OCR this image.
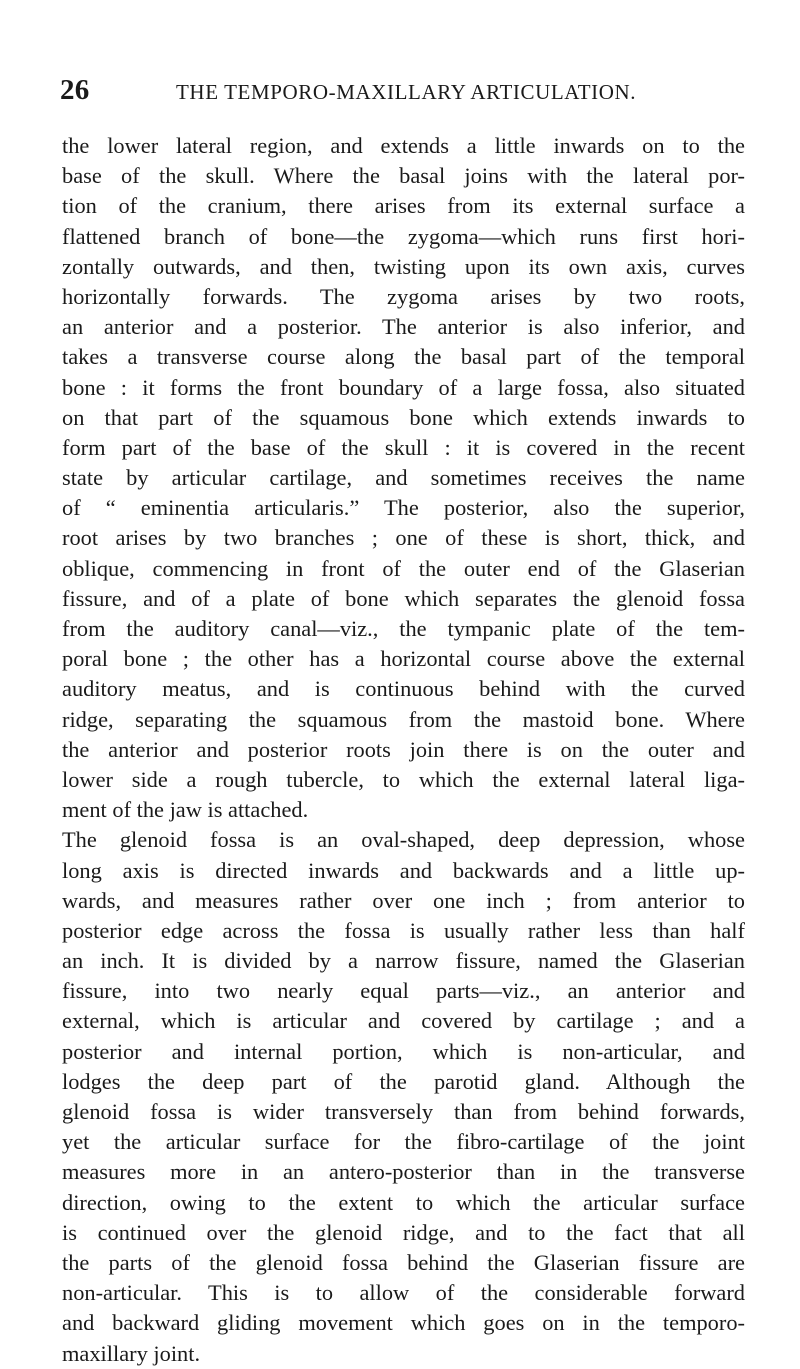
26	THE TEMPORO-MAXILLARY ARTICULATION.
the lower lateral region, and extends a little inwards on to the
base of the skull. Where the basal joins with the lateral por-
tion of the cranium, there arises from its external surface a
flattened branch of bone—the zygoma—which runs first hori-
zontally outwards, and then, twisting upon its own axis, curves
horizontally forwards. The zygoma arises by two roots,
an anterior and a posterior. The anterior is also inferior, and
takes a transverse course along the basal part of the temporal
bone : it forms the front boundary of a large fossa, also situated
on that part of the squamous bone which extends inwards to
form part of the base of the skull : it is covered in the recent
state by articular cartilage, and sometimes receives the name
of “ eminentia articularis.” The posterior, also the superior,
root arises by two branches ; one of these is short, thick, and
oblique, commencing in front of the outer end of the Glaserian
fissure, and of a plate of bone which separates the glenoid fossa
from the auditory canal—viz., the tympanic plate of the tem-
poral bone ; the other has a horizontal course above the external
auditory meatus, and is continuous behind with the curved
ridge, separating the squamous from the mastoid bone. Where
the anterior and posterior roots join there is on the outer and
lower side a rough tubercle, to which the external lateral liga-
ment of the jaw is attached.
The glenoid fossa is an oval-shaped, deep depression, whose
long axis is directed inwards and backwards and a little up-
wards, and measures rather over one inch ; from anterior to
posterior edge across the fossa is usually rather less than half
an inch. It is divided by a narrow fissure, named the Glaserian
fissure, into two nearly equal parts—viz., an anterior and
external, which is articular and covered by cartilage ; and a
posterior and internal portion, which is non-articular, and
lodges the deep part of the parotid gland. Although the
glenoid fossa is wider transversely than from behind forwards,
yet the articular surface for the fibro-cartilage of the joint
measures more in an antero-posterior than in the transverse
direction, owing to the extent to which the articular surface
is continued over the glenoid ridge, and to the fact that all
the parts of the glenoid fossa behind the Glaserian fissure are
non-articular. This is to allow of the considerable forward
and backward gliding movement which goes on in the temporo-
maxillary joint.
